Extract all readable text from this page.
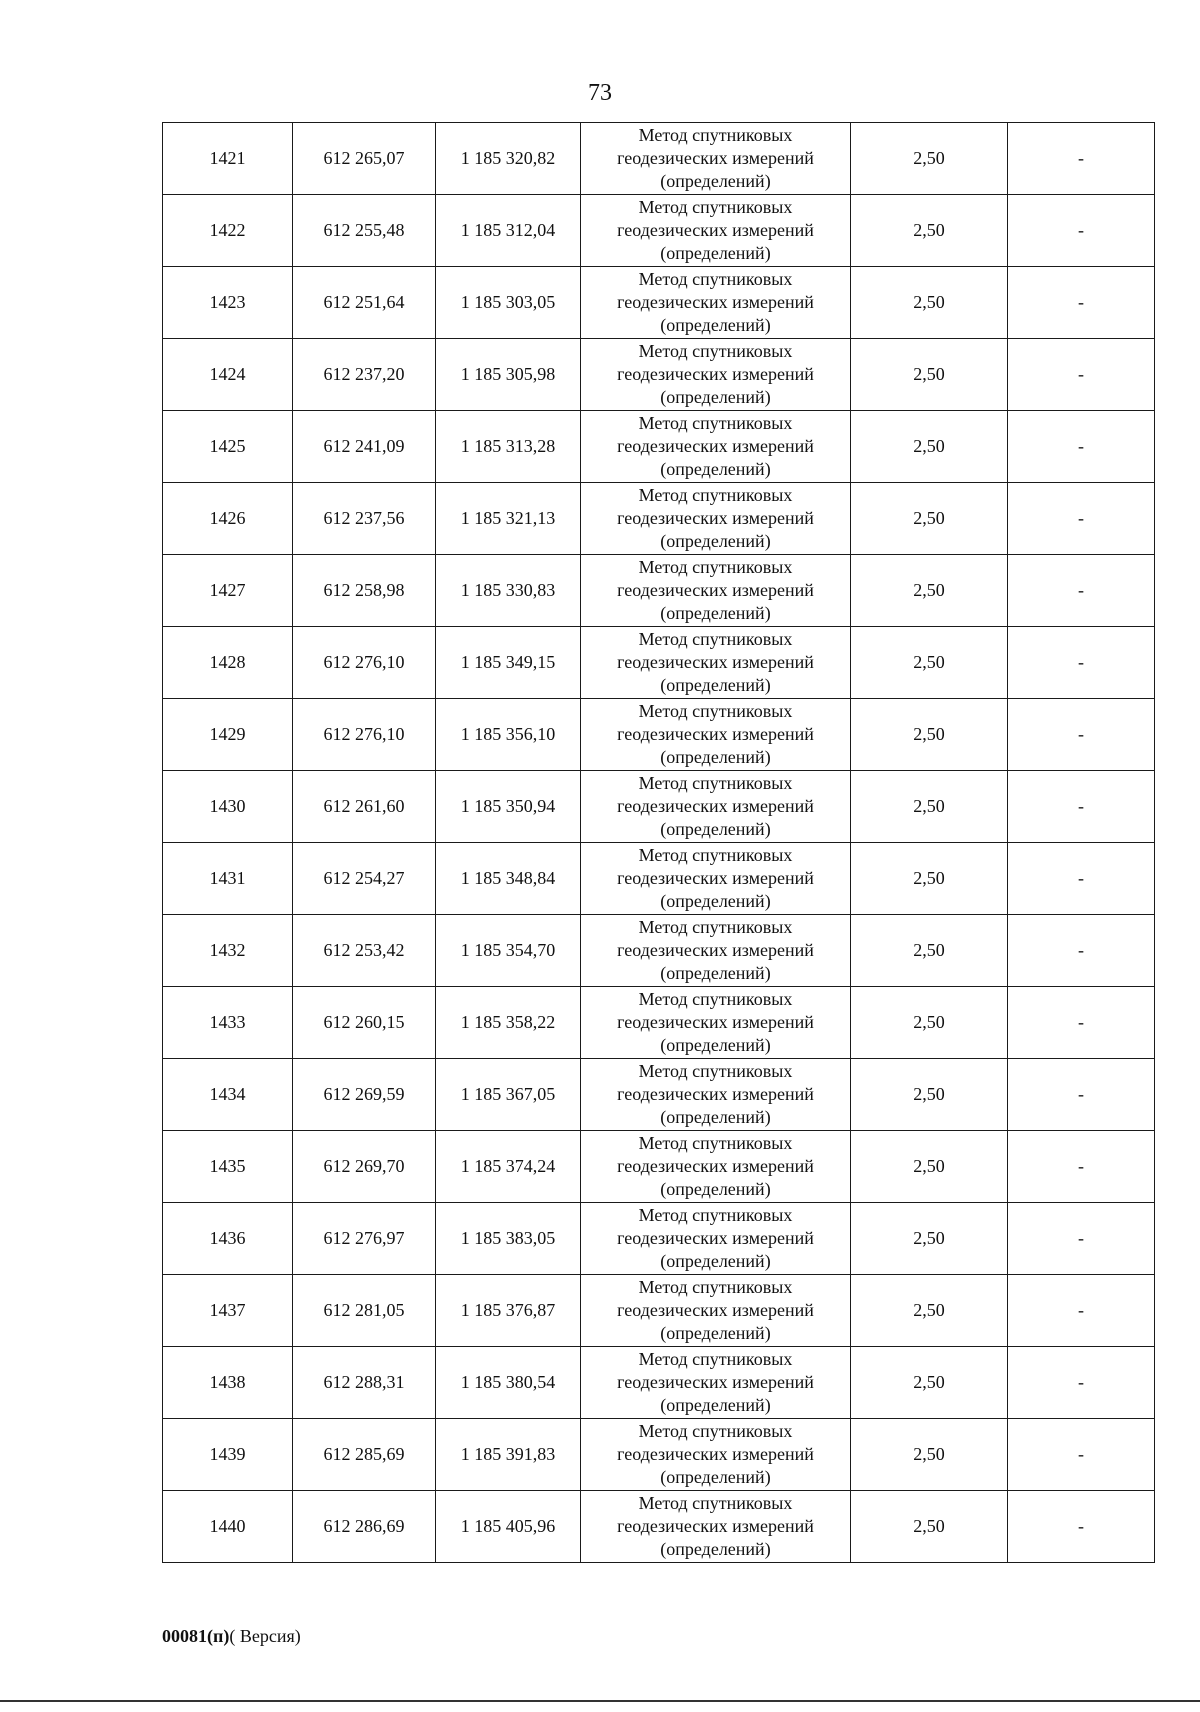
73
1421	612 265,07	1 185 320,82	Метод спутниковых
геодезических измерений
(определений)	2,50	-
1422	612 255,48	1 185 312,04	Метод спутниковых
геодезических измерений
(определений)	2,50	-
1423	612 251,64	1 185 303,05	Метод спутниковых
геодезических измерений
(определений)	2,50	-
1424	612 237,20	1 185 305,98	Метод спутниковых
геодезических измерений
(определений)	2,50	-
1425	612 241,09	1 185 313,28	Метод спутниковых
геодезических измерений
(определений)	2,50	-
1426	612 237,56	1 185 321,13	Метод спутниковых
геодезических измерений
(определений)	2,50	-
1427	612 258,98	1 185 330,83	Метод спутниковых
геодезических измерений
(определений)	2,50	-
1428	612 276,10	1 185 349,15	Метод спутниковых
геодезических измерений
(определений)	2,50	-
1429	612 276,10	1 185 356,10	Метод спутниковых
геодезических измерений
(определений)	2,50	-
1430	612 261,60	1 185 350,94	Метод спутниковых
геодезических измерений
(определений)	2,50	-
1431	612 254,27	1 185 348,84	Метод спутниковых
геодезических измерений
(определений)	2,50	-
1432	612 253,42	1 185 354,70	Метод спутниковых
геодезических измерений
(определений)	2,50	-
1433	612 260,15	1 185 358,22	Метод спутниковых
геодезических измерений
(определений)	2,50	-
1434	612 269,59	1 185 367,05	Метод спутниковых
геодезических измерений
(определений)	2,50	-
1435	612 269,70	1 185 374,24	Метод спутниковых
геодезических измерений
(определений)	2,50	-
1436	612 276,97	1 185 383,05	Метод спутниковых
геодезических измерений
(определений)	2,50	-
1437	612 281,05	1 185 376,87	Метод спутниковых
геодезических измерений
(определений)	2,50	-
1438	612 288,31	1 185 380,54	Метод спутниковых
геодезических измерений
(определений)	2,50	-
1439	612 285,69	1 185 391,83	Метод спутниковых
геодезических измерений
(определений)	2,50	-
1440	612 286,69	1 185 405,96	Метод спутниковых
геодезических измерений
(определений)	2,50	-
00081(п)( Версия)
